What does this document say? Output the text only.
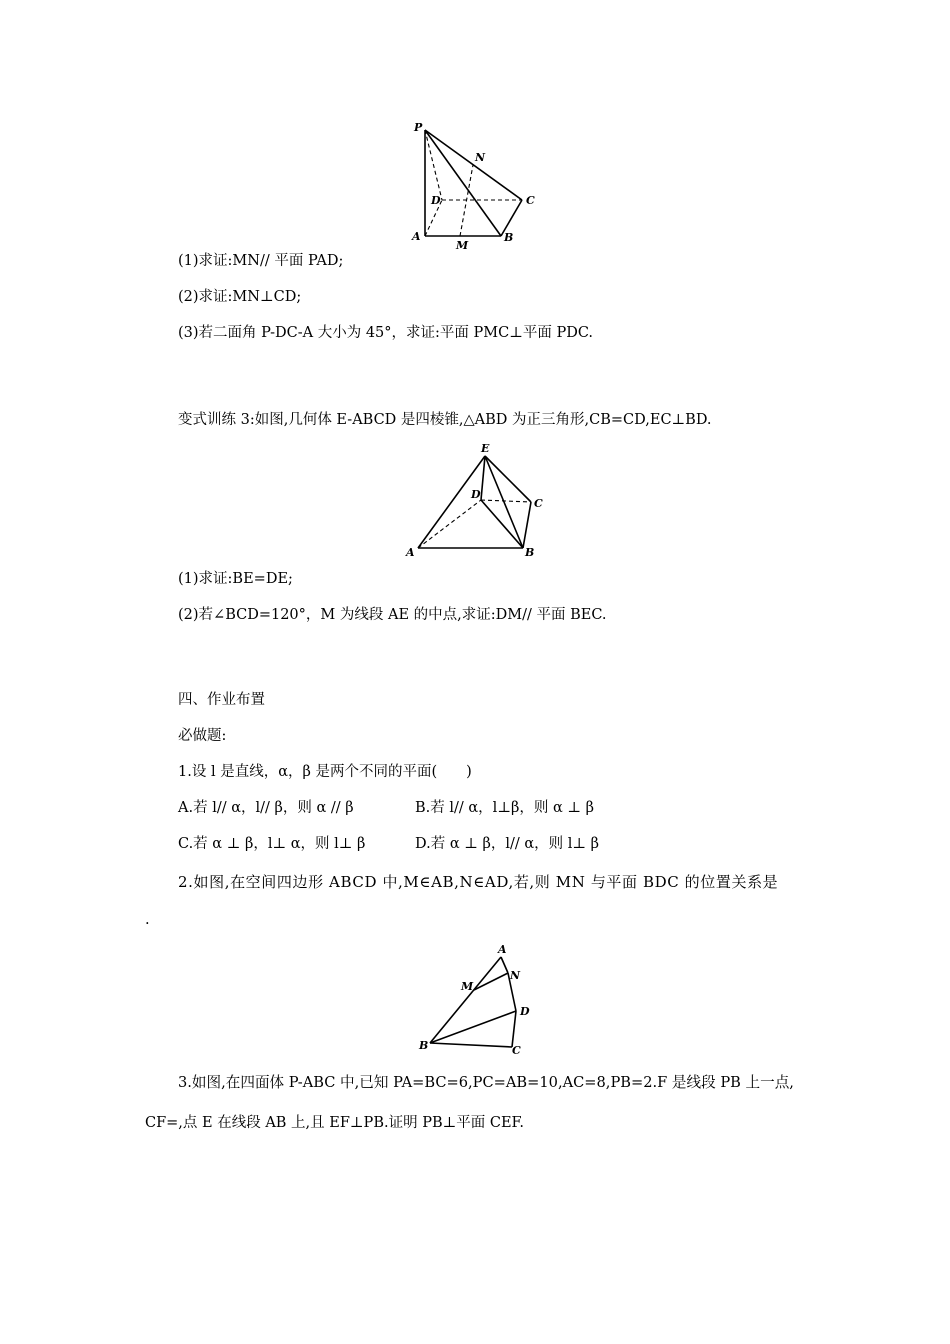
P
N
D	C
A
M
B
(1)求证:MN// 平面 PAD;
(2)求证:MN⊥CD;
(3)若二面角 P-DC-A 大小为 45°，求证:平面 PMC⊥平面 PDC.
变式训练 3:如图,几何体 E-ABCD 是四棱锥,△ABD 为正三角形,CB=CD,EC⊥BD.
E
D
C
A	B
(1)求证:BE=DE;
(2)若∠BCD=120°，M 为线段 AE 的中点,求证:DM// 平面 BEC.
四、作业布置
必做题:
1.设 l 是直线，α，β 是两个不同的平面(　　)
A.若 l// α，l// β，则 α // β	B.若 l// α，l⊥β，则 α ⊥ β
C.若 α ⊥ β，l⊥ α，则 l⊥ β	D.若 α ⊥ β，l// α，则 l⊥ β
2.如图,在空间四边形 ABCD 中,M∈AB,N∈AD,若,则 MN 与平面 BDC 的位置关系是
.
A
N
M
D
B	C
3.如图,在四面体 P-ABC 中,已知 PA=BC=6,PC=AB=10,AC=8,PB=2.F 是线段 PB 上一点,
CF=,点 E 在线段 AB 上,且 EF⊥PB.证明 PB⊥平面 CEF.
